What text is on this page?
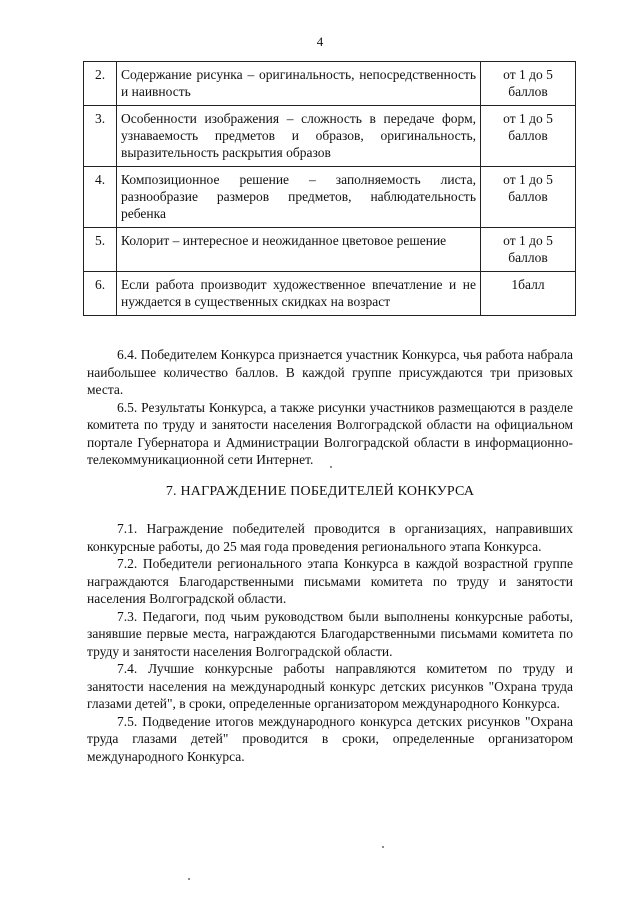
4
2.	Содержание рисунка – оригинальность, непосредственность и наивность	от 1 до 5 баллов
3.	Особенности изображения – сложность в передаче форм, узнаваемость предметов и образов, оригинальность, выразительность раскрытия образов	от 1 до 5 баллов
4.	Композиционное решение – заполняемость листа, разнообразие размеров предметов, наблюдательность ребенка	от 1 до 5 баллов
5.	Колорит – интересное и неожиданное цветовое решение	от 1 до 5 баллов
6.	Если работа производит художественное впечатление и не нуждается в существенных скидках на возраст	1балл

6.4. Победителем Конкурса признается участник Конкурса, чья работа набрала наибольшее количество баллов. В каждой группе присуждаются три призовых места.

6.5. Результаты Конкурса, а также рисунки участников размещаются в разделе комитета по труду и занятости населения Волгоградской области на официальном портале Губернатора и Администрации Волгоградской области в информационно-телекоммуникационной сети Интернет.

7. НАГРАЖДЕНИЕ ПОБЕДИТЕЛЕЙ КОНКУРСА

7.1. Награждение победителей проводится в организациях, направивших конкурсные работы, до 25 мая года проведения регионального этапа Конкурса.

7.2. Победители регионального этапа Конкурса в каждой возрастной группе награждаются Благодарственными письмами комитета по труду и занятости населения Волгоградской области.

7.3. Педагоги, под чьим руководством были выполнены конкурсные работы, занявшие первые места, награждаются Благодарственными письмами комитета по труду и занятости населения Волгоградской области.

7.4. Лучшие конкурсные работы направляются комитетом по труду и занятости населения на международный конкурс детских рисунков "Охрана труда глазами детей", в сроки, определенные организатором международного Конкурса.

7.5. Подведение итогов международного конкурса детских рисунков "Охрана труда глазами детей" проводится в сроки, определенные организатором международного Конкурса.
